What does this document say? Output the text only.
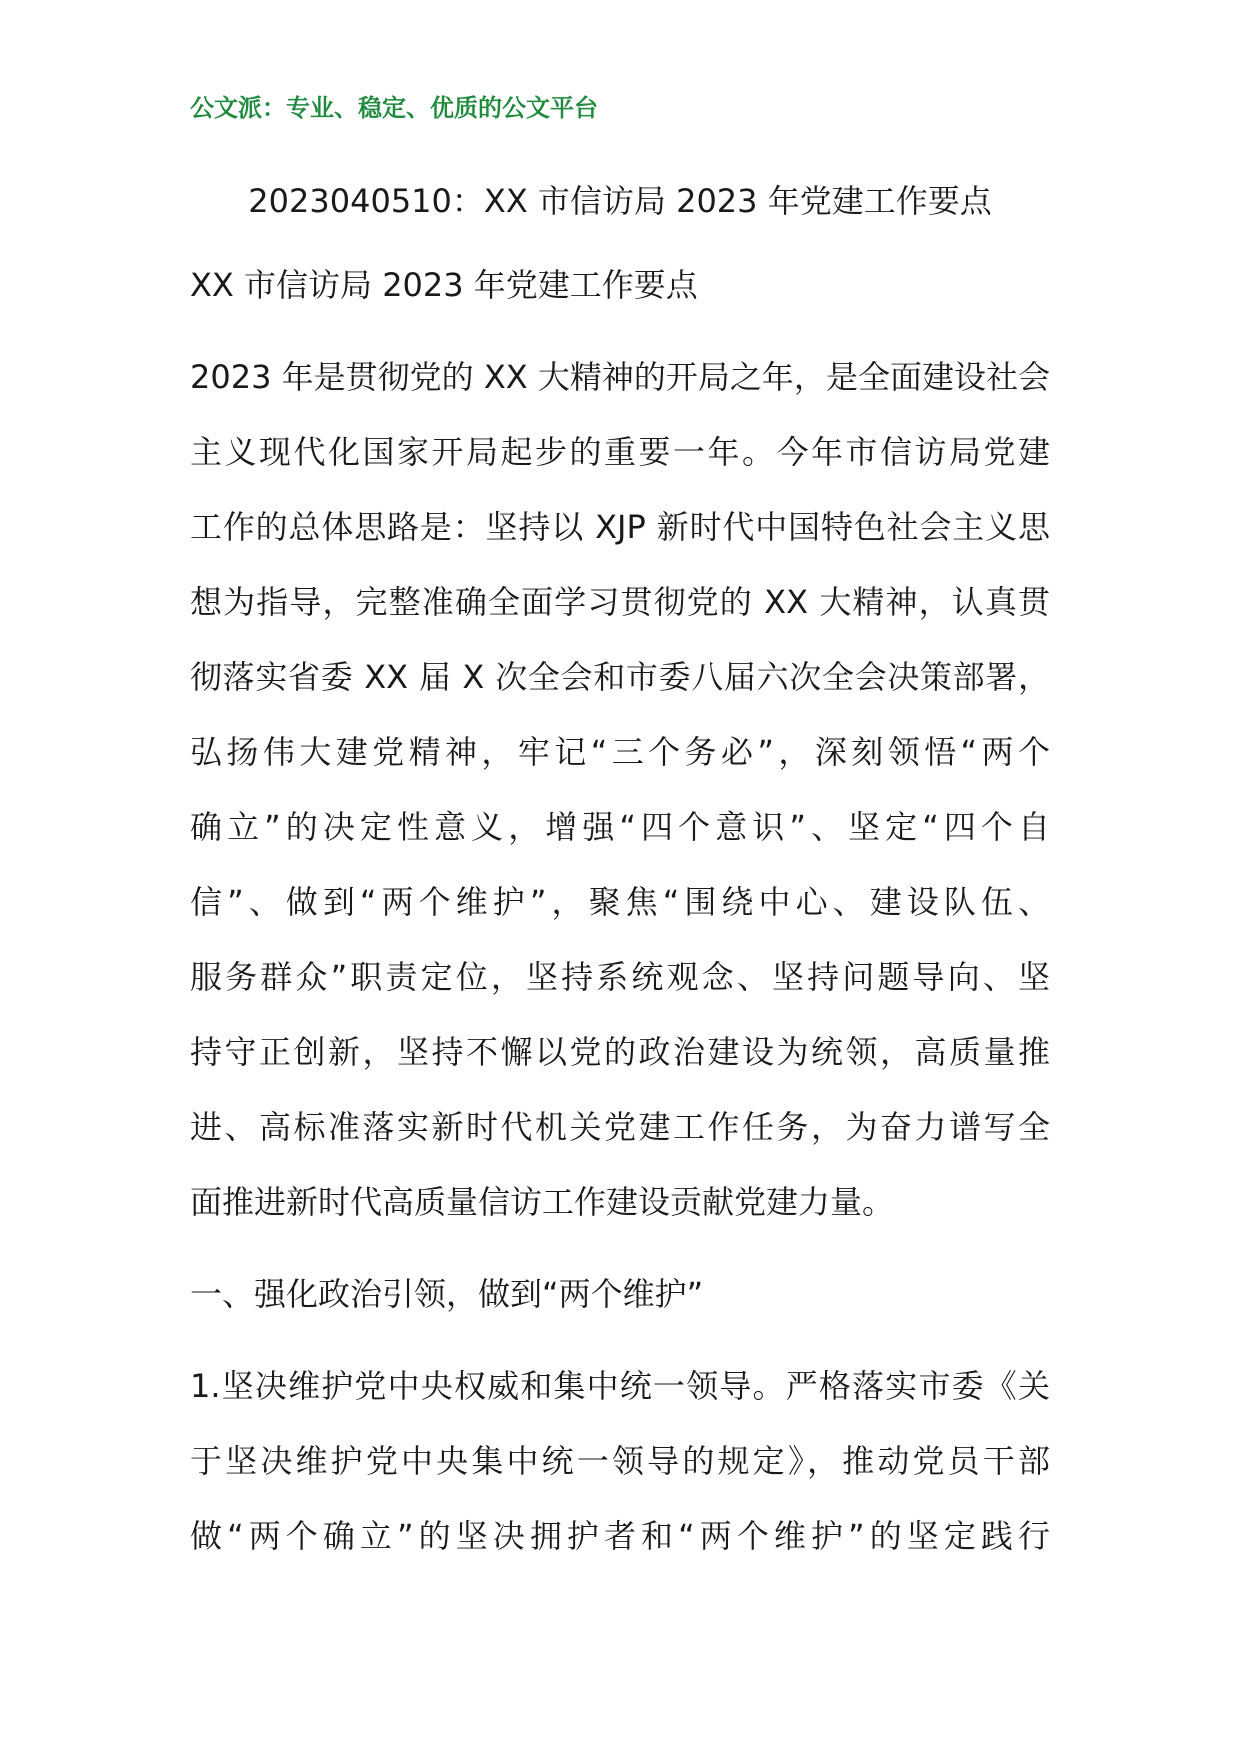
公文派：专业、稳定、优质的公文平台
2023040510：XX 市信访局 2023 年党建工作要点
XX 市信访局 2023 年党建工作要点
2023 年是贯彻党的 XX 大精神的开局之年，是全面建设社会
主义现代化国家开局起步的重要一年。今年市信访局党建
工作的总体思路是：坚持以 XJP 新时代中国特色社会主义思
想为指导，完整准确全面学习贯彻党的 XX 大精神，认真贯
彻落实省委 XX 届 X 次全会和市委八届六次全会决策部署，
弘扬伟大建党精神，牢记“三个务必”，深刻领悟“两个
确立”的决定性意义，增强“四个意识”、坚定“四个自
信”、做到“两个维护”，聚焦“围绕中心、建设队伍、
服务群众”职责定位，坚持系统观念、坚持问题导向、坚
持守正创新，坚持不懈以党的政治建设为统领，高质量推
进、高标准落实新时代机关党建工作任务，为奋力谱写全
面推进新时代高质量信访工作建设贡献党建力量。
一、强化政治引领，做到“两个维护”
1.坚决维护党中央权威和集中统一领导。严格落实市委《关
于坚决维护党中央集中统一领导的规定》，推动党员干部
做“两个确立”的坚决拥护者和“两个维护”的坚定践行
